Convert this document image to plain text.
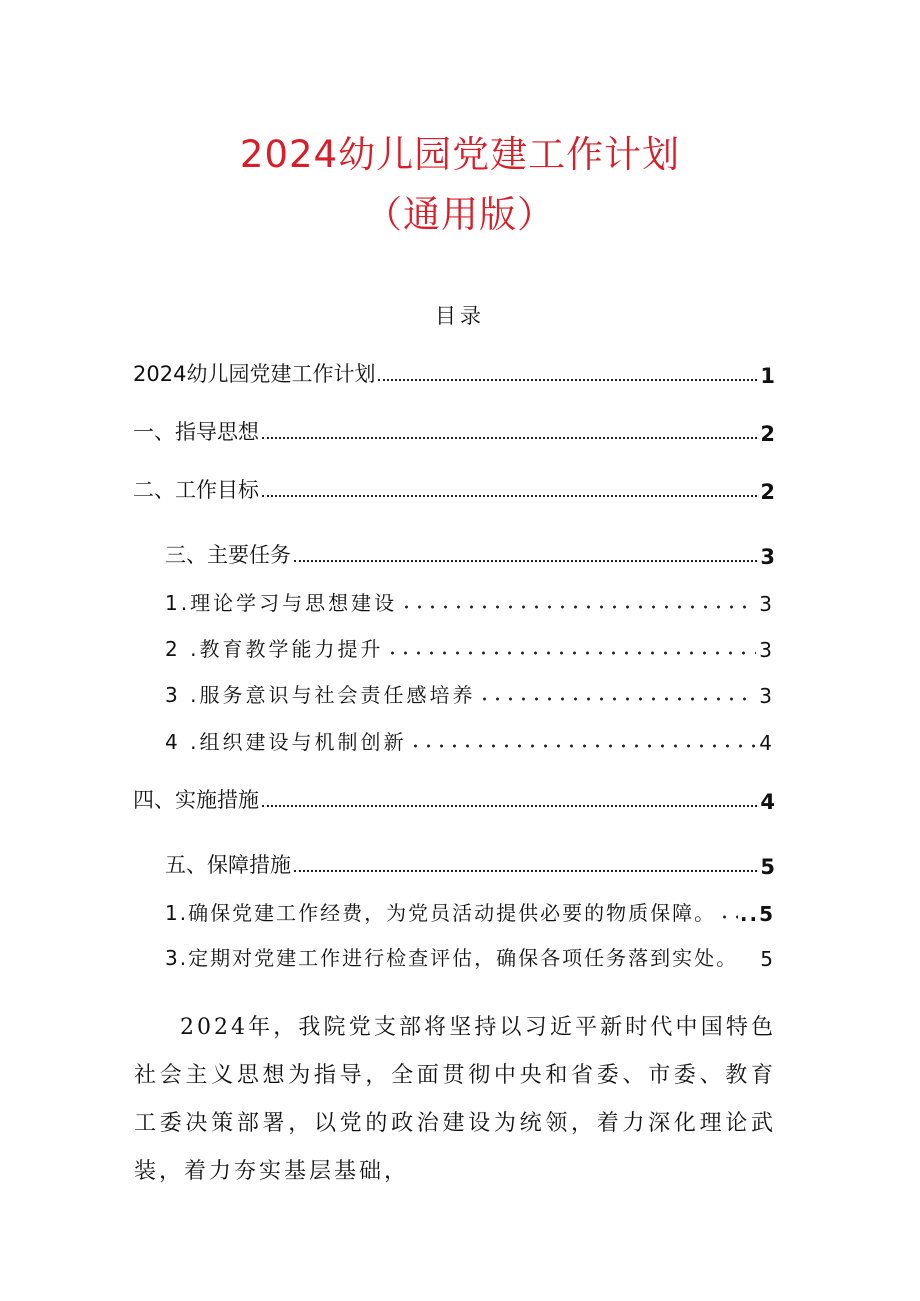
2024幼儿园党建工作计划
（通用版）
目录
2024幼儿园党建工作计划	1
一、指导思想	2
二、工作目标	2
三、主要任务	3
1.理论学习与思想建设	3
2 .教育教学能力提升	3
3 .服务意识与社会责任感培养	3
4 .组织建设与机制创新	4
四、实施措施	4
五、保障措施	5
1.确保党建工作经费，为党员活动提供必要的物质保障。 ..5
3.定期对党建工作进行检查评估，确保各项任务落到实处。 5
2024年，我院党支部将坚持以习近平新时代中国特色社会主义思想为指导，全面贯彻中央和省委、市委、教育工委决策部署，以党的政治建设为统领，着力深化理论武装，着力夯实基层基础，
